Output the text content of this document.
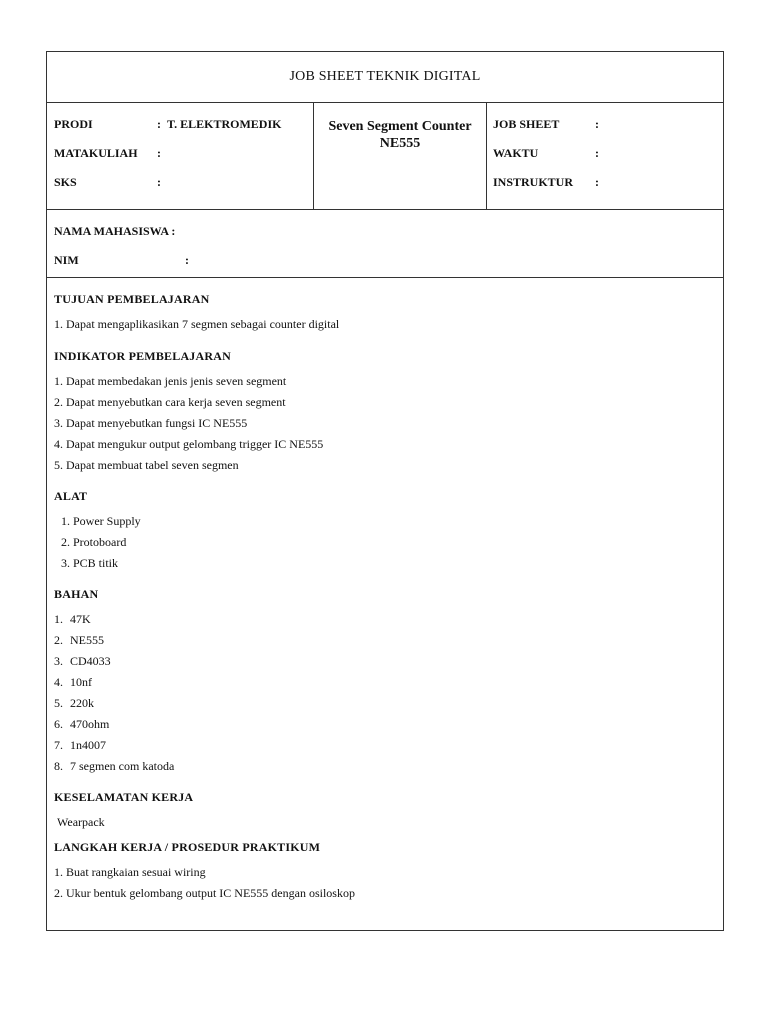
JOB SHEET TEKNIK DIGITAL
PRODI	: T. ELEKTROMEDIK
MATAKULIAH	:
SKS	:
Seven Segment Counter
NE555
JOB SHEET	:
WAKTU	:
INSTRUKTUR	:
NAMA MAHASISWA :
NIM	:
TUJUAN PEMBELAJARAN
1. Dapat mengaplikasikan 7 segmen sebagai counter digital
INDIKATOR PEMBELAJARAN
1. Dapat membedakan jenis jenis seven segment
2. Dapat menyebutkan cara kerja seven segment
3. Dapat menyebutkan fungsi IC NE555
4. Dapat mengukur output gelombang trigger IC NE555
5. Dapat membuat tabel seven segmen
ALAT
1. Power Supply
2. Protoboard
3. PCB titik
BAHAN
1. 47K
2. NE555
3. CD4033
4. 10nf
5. 220k
6. 470ohm
7. 1n4007
8. 7 segmen com katoda
KESELAMATAN KERJA
Wearpack
LANGKAH KERJA / PROSEDUR PRAKTIKUM
1. Buat rangkaian sesuai wiring
2. Ukur bentuk gelombang output IC NE555 dengan osiloskop
